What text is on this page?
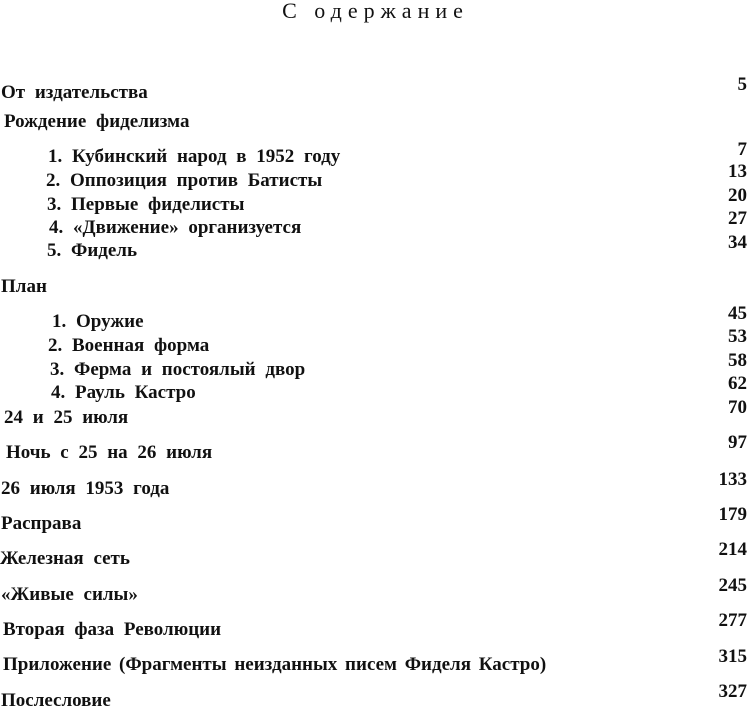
С одержание
От издательства
Рождение фиделизма
1. Кубинский народ в 1952 году
2. Оппозиция против Батисты
3. Первые фиделисты
4. «Движение» организуется
5. Фидель
План
1. Оружие
2. Военная форма
3. Ферма и постоялый двор
4. Рауль Кастро
24 и 25 июля
Ночь с 25 на 26 июля
26 июля 1953 года
Расправа
Железная сеть
«Живые силы»
Вторая фаза Революции
Приложение (Фрагменты неизданных писем Фиделя Кастро)
Послесловие
5
7
13
20
27
34
45
53
58
62
70
97
133
179
214
245
277
315
327
